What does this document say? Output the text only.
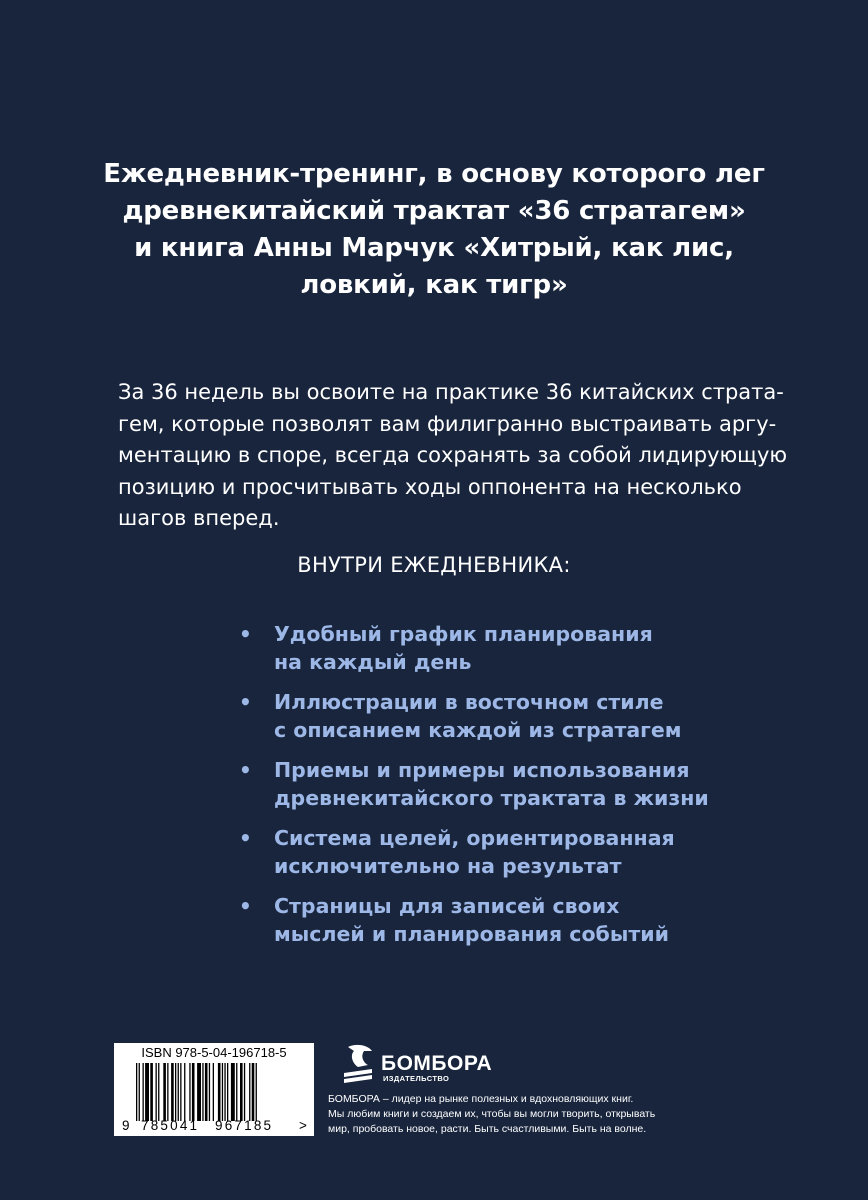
Ежедневник-тренинг, в основу которого лег
древнекитайский трактат «36 стратагем»
и книга Анны Марчук «Хитрый, как лис,
ловкий, как тигр»
За 36 недель вы освоите на практике 36 китайских страта-
гем, которые позволят вам филигранно выстраивать аргу-
ментацию в споре, всегда сохранять за собой лидирующую
позицию и просчитывать ходы оппонента на несколько
шагов вперед.
ВНУТРИ ЕЖЕДНЕВНИКА:
• Удобный график планирования
на каждый день
• Иллюстрации в восточном стиле
с описанием каждой из стратагем
• Приемы и примеры использования
древнекитайского трактата в жизни
• Система целей, ориентированная
исключительно на результат
• Страницы для записей своих
мыслей и планирования событий
ISBN 978-5-04-196718-5
9 785041 967185 >
БОМБОРА
ИЗДАТЕЛЬСТВО
БОМБОРА – лидер на рынке полезных и вдохновляющих книг.
Мы любим книги и создаем их, чтобы вы могли творить, открывать
мир, пробовать новое, расти. Быть счастливыми. Быть на волне.
